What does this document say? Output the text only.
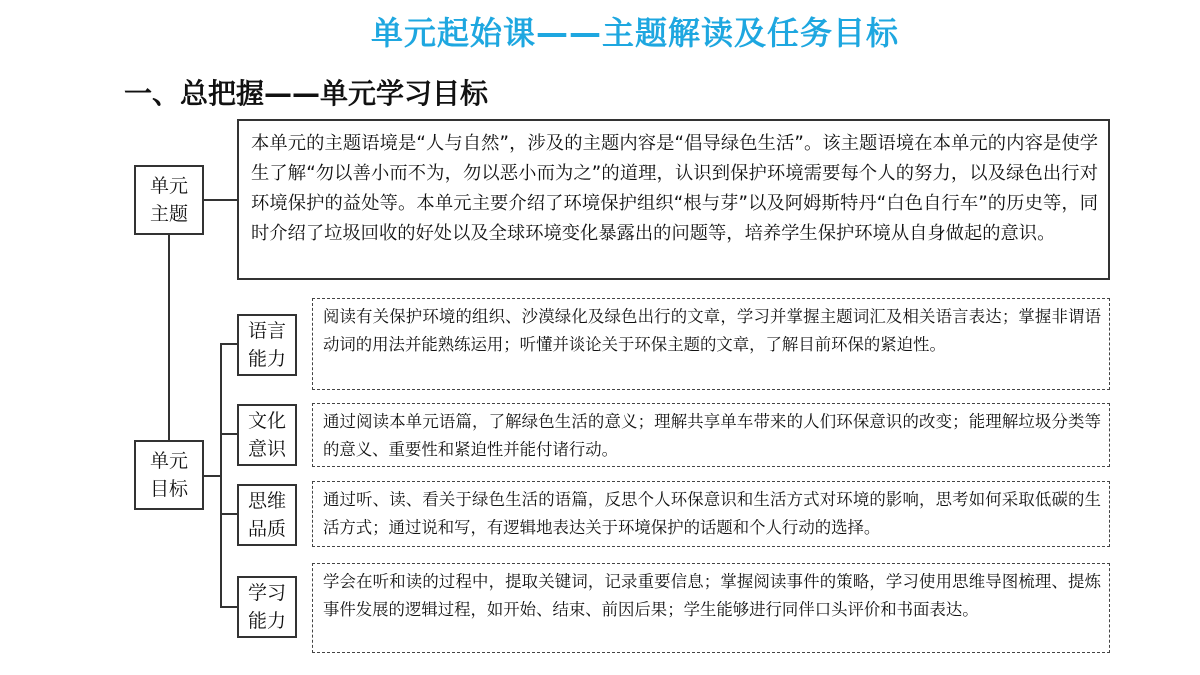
单元起始课——主题解读及任务目标
一、总把握——单元学习目标
单元
主题
本单元的主题语境是“人与自然”，涉及的主题内容是“倡导绿色生活”。该主题语境在本单元的内容是使学生了解“勿以善小而不为，勿以恶小而为之”的道理，认识到保护环境需要每个人的努力，以及绿色出行对环境保护的益处等。本单元主要介绍了环境保护组织“根与芽”以及阿姆斯特丹“白色自行车”的历史等，同时介绍了垃圾回收的好处以及全球环境变化暴露出的问题等，培养学生保护环境从自身做起的意识。
单元
目标
语言
能力
阅读有关保护环境的组织、沙漠绿化及绿色出行的文章，学习并掌握主题词汇及相关语言表达；掌握非谓语动词的用法并能熟练运用；听懂并谈论关于环保主题的文章，了解目前环保的紧迫性。
文化
意识
通过阅读本单元语篇，了解绿色生活的意义；理解共享单车带来的人们环保意识的改变；能理解垃圾分类等的意义、重要性和紧迫性并能付诸行动。
思维
品质
通过听、读、看关于绿色生活的语篇，反思个人环保意识和生活方式对环境的影响，思考如何采取低碳的生活方式；通过说和写，有逻辑地表达关于环境保护的话题和个人行动的选择。
学习
能力
学会在听和读的过程中，提取关键词，记录重要信息；掌握阅读事件的策略，学习使用思维导图梳理、提炼事件发展的逻辑过程，如开始、结束、前因后果；学生能够进行同伴口头评价和书面表达。
